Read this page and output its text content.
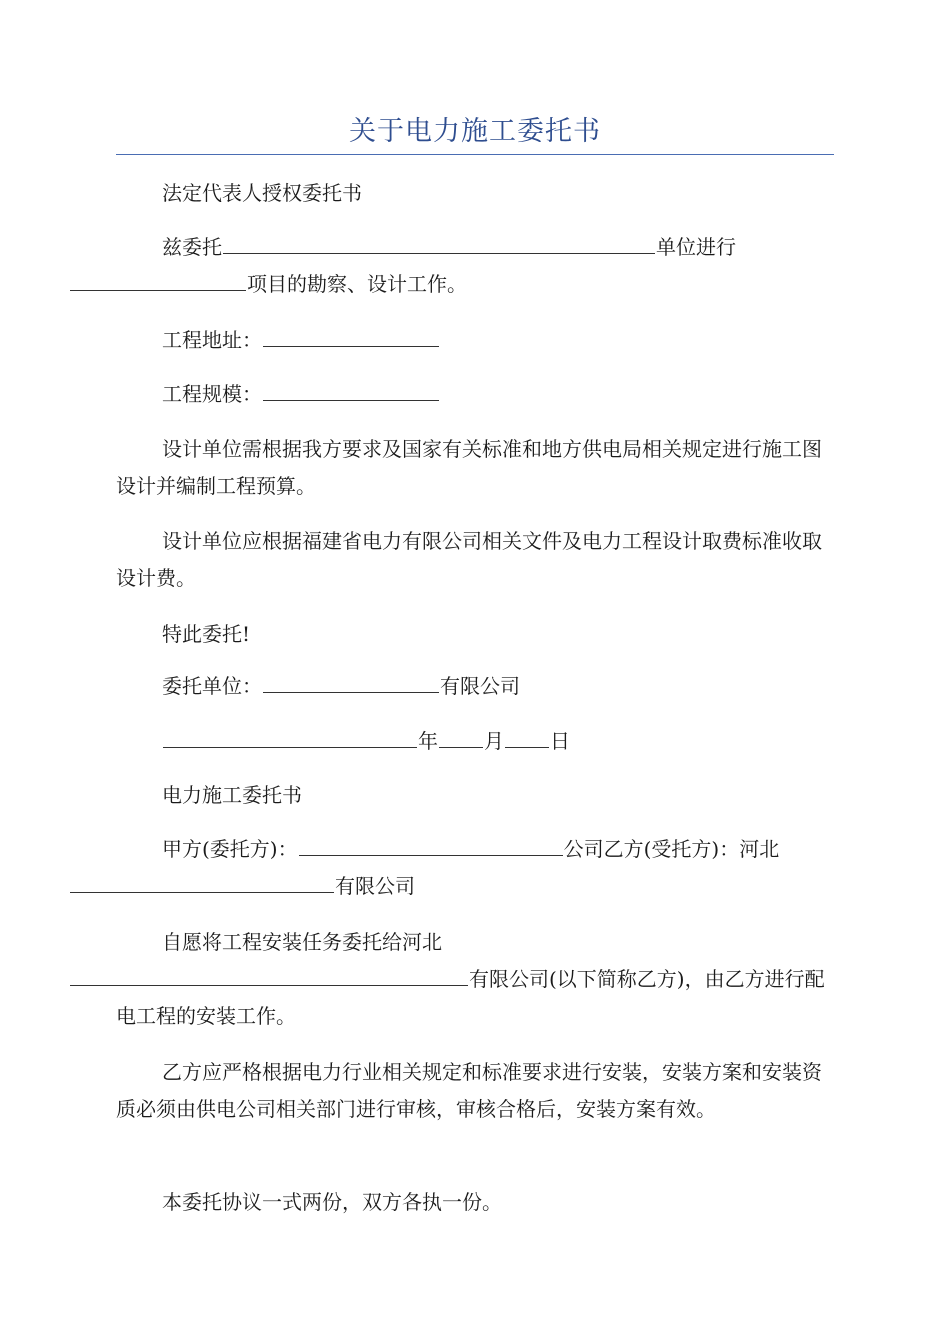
关于电力施工委托书

法定代表人授权委托书

兹委托	单位进行
项目的勘察、设计工作。

工程地址：

工程规模：

设计单位需根据我方要求及国家有关标准和地方供电局相关规定进行施工图设计并编制工程预算。

设计单位应根据福建省电力有限公司相关文件及电力工程设计取费标准收取设计费。

特此委托!

委托单位：	有限公司

年 月 日

电力施工委托书

甲方(委托方)：	公司乙方(受托方)：河北
有限公司

自愿将工程安装任务委托给河北
有限公司(以下简称乙方)，由乙方进行配电工程的安装工作。

乙方应严格根据电力行业相关规定和标准要求进行安装，安装方案和安装资质必须由供电公司相关部门进行审核，审核合格后，安装方案有效。

本委托协议一式两份，双方各执一份。
